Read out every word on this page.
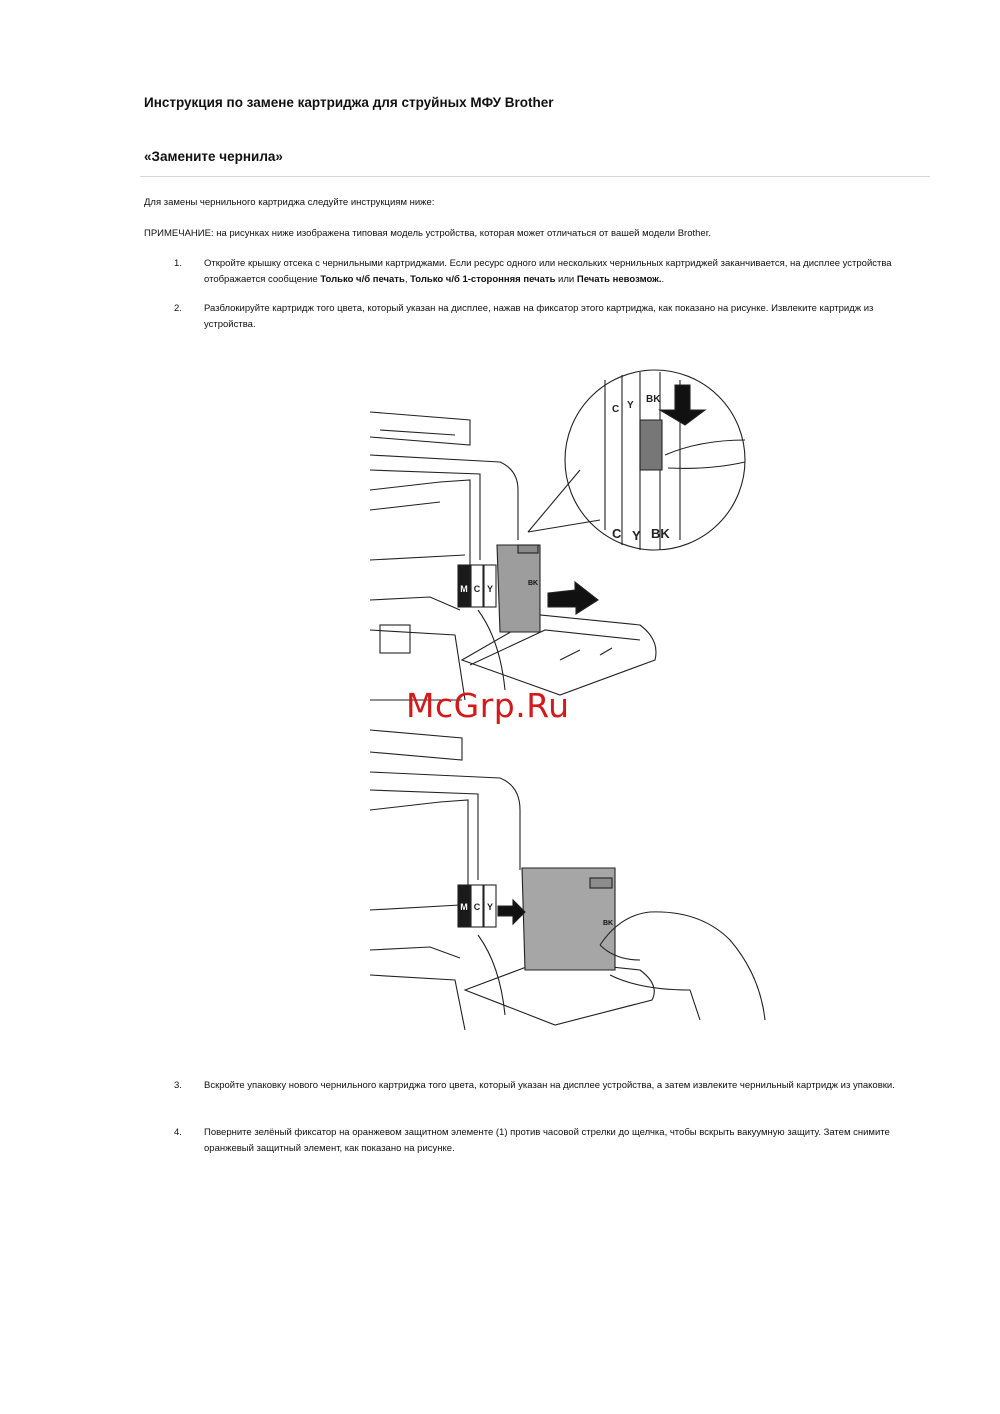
Инструкция по замене картриджа для струйных МФУ Brother
«Замените чернила»
Для замены чернильного картриджа следуйте инструкциям ниже:
ПРИМЕЧАНИЕ: на рисунках ниже изображена типовая модель устройства, которая может отличаться от вашей модели Brother.
1. Откройте крышку отсека с чернильными картриджами. Если ресурс одного или нескольких чернильных картриджей заканчивается, на дисплее устройства отображается сообщение Только ч/б печать, Только ч/б 1-сторонняя печать или Печать невозмож..
2. Разблокируйте картридж того цвета, который указан на дисплее, нажав на фиксатор этого картриджа, как показано на рисунке. Извлеките картридж из устройства.
M C Y
BK
C Y
BK
C Y BK
M C Y
BK
McGrp.Ru
3. Вскройте упаковку нового чернильного картриджа того цвета, который указан на дисплее устройства, а затем извлеките чернильный картридж из упаковки.
4. Поверните зелёный фиксатор на оранжевом защитном элементе (1) против часовой стрелки до щелчка, чтобы вскрыть вакуумную защиту. Затем снимите оранжевый защитный элемент, как показано на рисунке.
